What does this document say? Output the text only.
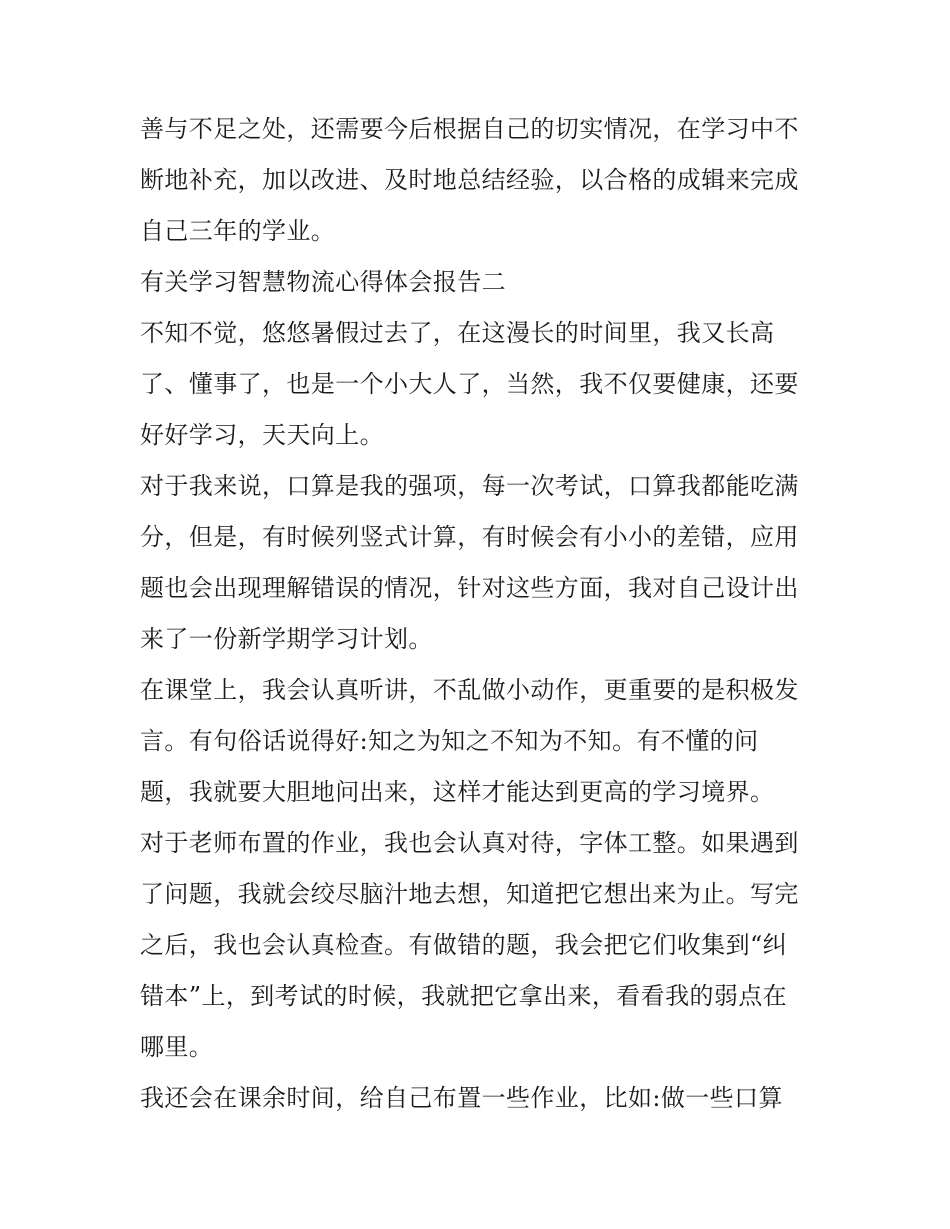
善与不足之处，还需要今后根据自己的切实情况，在学习中不
断地补充，加以改进、及时地总结经验，以合格的成辑来完成
自己三年的学业。
有关学习智慧物流心得体会报告二
不知不觉，悠悠暑假过去了，在这漫长的时间里，我又长高
了、懂事了，也是一个小大人了，当然，我不仅要健康，还要
好好学习，天天向上。
对于我来说，口算是我的强项，每一次考试，口算我都能吃满
分，但是，有时候列竖式计算，有时候会有小小的差错，应用
题也会出现理解错误的情况，针对这些方面，我对自己设计出
来了一份新学期学习计划。
在课堂上，我会认真听讲，不乱做小动作，更重要的是积极发
言。有句俗话说得好:知之为知之不知为不知。有不懂的问
题，我就要大胆地问出来，这样才能达到更高的学习境界。
对于老师布置的作业，我也会认真对待，字体工整。如果遇到
了问题，我就会绞尽脑汁地去想，知道把它想出来为止。写完
之后，我也会认真检查。有做错的题，我会把它们收集到“纠
错本”上，到考试的时候，我就把它拿出来，看看我的弱点在
哪里。
我还会在课余时间，给自己布置一些作业，比如:做一些口算
